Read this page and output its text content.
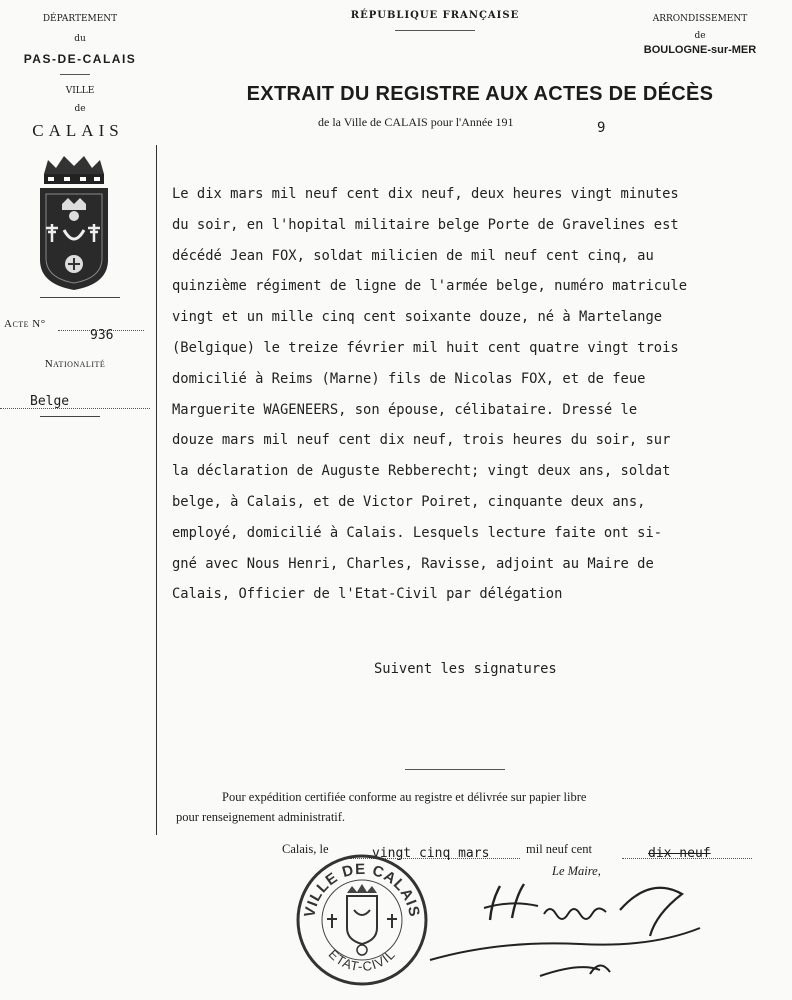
DÉPARTEMENT
du
PAS-DE-CALAIS
VILLE
de
CALAIS
Acte N°
936
Nationalité
Belge
RÉPUBLIQUE FRANÇAISE	ARRONDISSEMENT
de
BOULOGNE-sur-MER
EXTRAIT DU REGISTRE AUX ACTES DE DÉCÈS
de la Ville de CALAIS pour l'Année 191	9
Le dix mars mil neuf cent dix neuf, deux heures vingt minutes
du soir, en l'hopital militaire belge Porte de Gravelines est
décédé Jean FOX, soldat milicien de mil neuf cent cinq, au
quinzième régiment de ligne de l'armée belge, numéro matricule
vingt et un mille cinq cent soixante douze, né à Martelange
(Belgique) le treize février mil huit cent quatre vingt trois
domicilié à Reims (Marne) fils de Nicolas FOX, et de feue
Marguerite WAGENEERS, son épouse, célibataire. Dressé le
douze mars mil neuf cent dix neuf, trois heures du soir, sur
la déclaration de Auguste Rebberecht; vingt deux ans, soldat
belge, à Calais, et de Victor Poiret, cinquante deux ans,
employé, domicilié à Calais. Lesquels lecture faite ont si-
gné avec Nous Henri, Charles, Ravisse, adjoint au Maire de
Calais, Officier de l'Etat-Civil par délégation
Suivent les signatures
Pour expédition certifiée conforme au registre et délivrée sur papier libre
pour renseignement administratif.
Calais, le	vingt cinq mars	mil neuf cent	dix neuf
Le Maire,
VILLE DE CALAIS
ETAT-CIVIL
